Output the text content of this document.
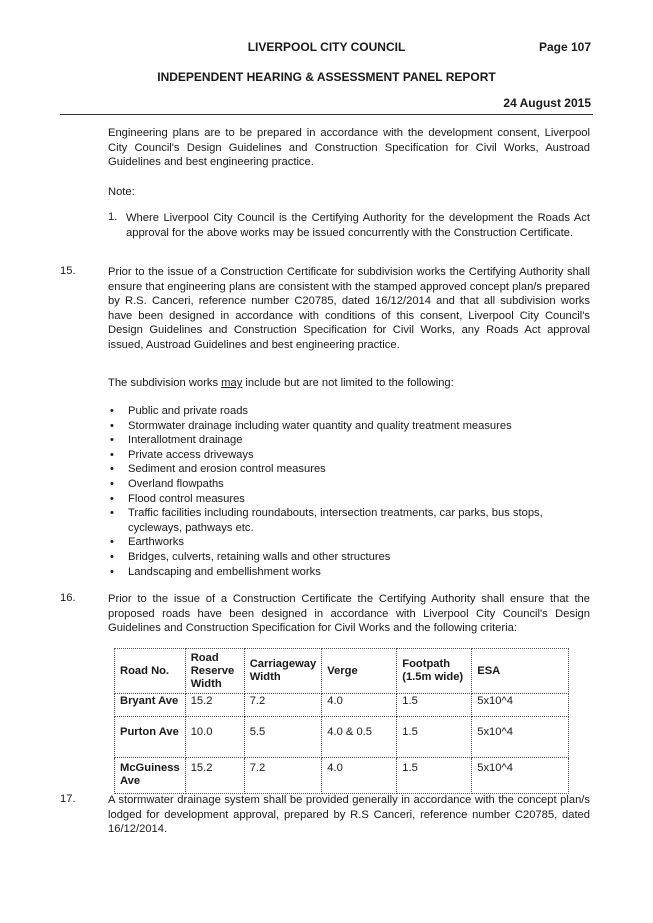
LIVERPOOL CITY COUNCIL	Page 107
INDEPENDENT HEARING & ASSESSMENT PANEL REPORT
24 August 2015
Engineering plans are to be prepared in accordance with the development consent, Liverpool City Council's Design Guidelines and Construction Specification for Civil Works, Austroad Guidelines and best engineering practice.
Note:
1. Where Liverpool City Council is the Certifying Authority for the development the Roads Act approval for the above works may be issued concurrently with the Construction Certificate.
15.	Prior to the issue of a Construction Certificate for subdivision works the Certifying Authority shall ensure that engineering plans are consistent with the stamped approved concept plan/s prepared by R.S. Canceri, reference number C20785, dated 16/12/2014 and that all subdivision works have been designed in accordance with conditions of this consent, Liverpool City Council's Design Guidelines and Construction Specification for Civil Works, any Roads Act approval issued, Austroad Guidelines and best engineering practice.
The subdivision works may include but are not limited to the following:
• Public and private roads
• Stormwater drainage including water quantity and quality treatment measures
• Interallotment drainage
• Private access driveways
• Sediment and erosion control measures
• Overland flowpaths
• Flood control measures
• Traffic facilities including roundabouts, intersection treatments, car parks, bus stops, cycleways, pathways etc.
• Earthworks
• Bridges, culverts, retaining walls and other structures
• Landscaping and embellishment works
16.	Prior to the issue of a Construction Certificate the Certifying Authority shall ensure that the proposed roads have been designed in accordance with Liverpool City Council's Design Guidelines and Construction Specification for Civil Works and the following criteria:
Road No.	Road Reserve Width	Carriageway Width	Verge	Footpath (1.5m wide)	ESA
Bryant Ave	15.2	7.2	4.0	1.5	5x10^4
Purton Ave	10.0	5.5	4.0 & 0.5	1.5	5x10^4
McGuiness Ave	15.2	7.2	4.0	1.5	5x10^4
17.	A stormwater drainage system shall be provided generally in accordance with the concept plan/s lodged for development approval, prepared by R.S Canceri, reference number C20785, dated 16/12/2014.
